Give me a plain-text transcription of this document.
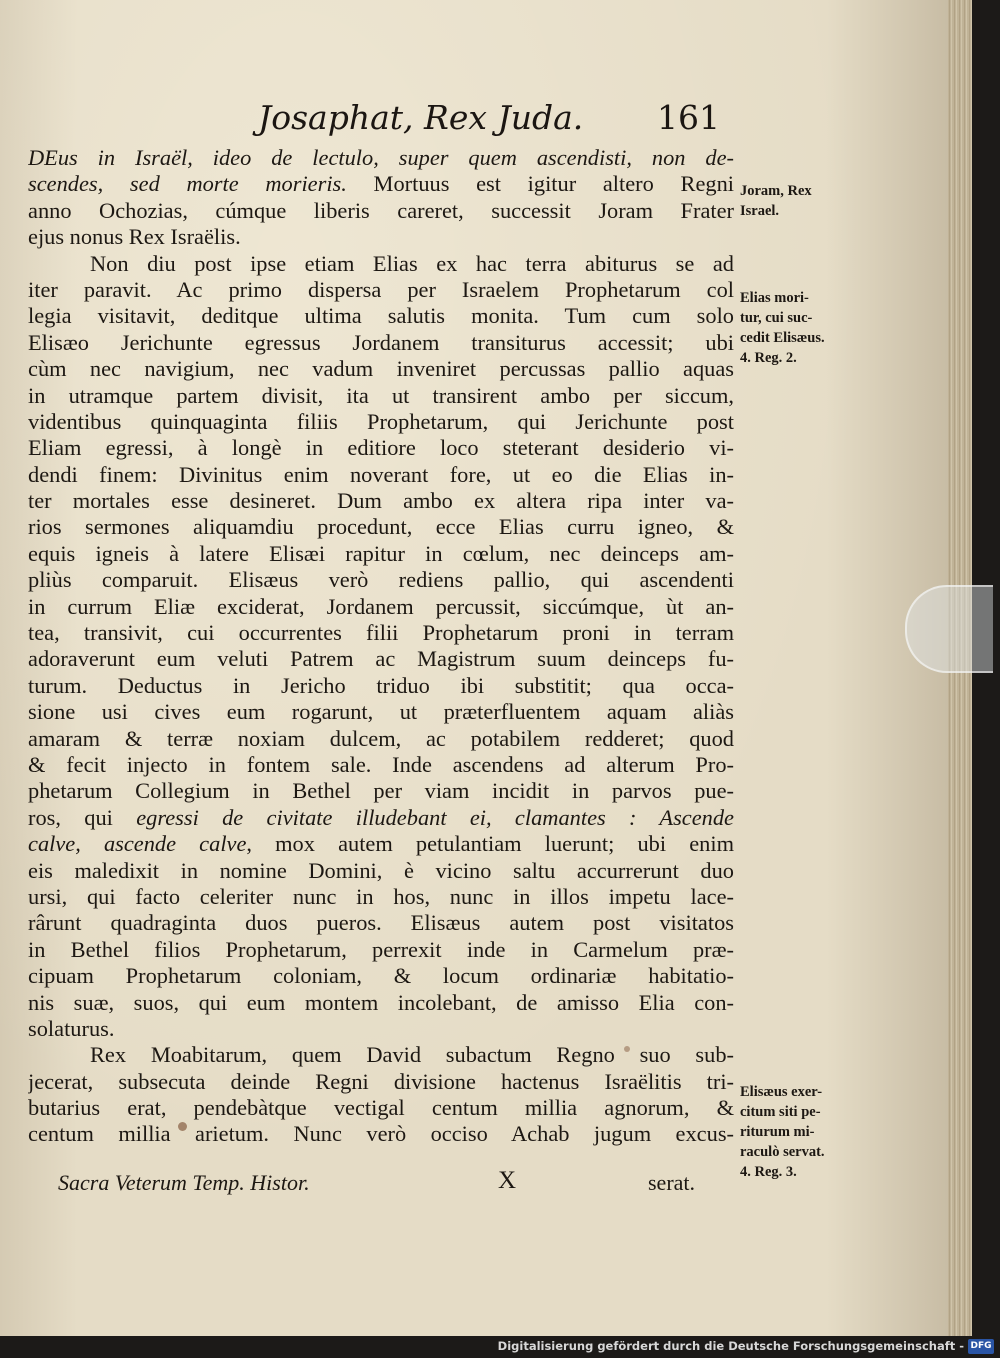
Josaphat, Rex Juda. 161
DEus in Israël, ideo de lectulo, super quem ascendisti, non de-
scendes, sed morte morieris. Mortuus est igitur altero Regni
anno Ochozias, cúmque liberis careret, successit Joram Frater
ejus nonus Rex Israëlis.
Non diu post ipse etiam Elias ex hac terra abiturus se ad
iter paravit. Ac primo dispersa per Israelem Prophetarum col
legia visitavit, deditque ultima salutis monita. Tum cum solo
Elisæo Jerichunte egressus Jordanem transiturus accessit; ubi
cùm nec navigium, nec vadum inveniret percussas pallio aquas
in utramque partem divisit, ita ut transirent ambo per siccum,
videntibus quinquaginta filiis Prophetarum, qui Jerichunte post
Eliam egressi, à longè in editiore loco steterant desiderio vi-
dendi finem: Divinitus enim noverant fore, ut eo die Elias in-
ter mortales esse desineret. Dum ambo ex altera ripa inter va-
rios sermones aliquamdiu procedunt, ecce Elias curru igneo, &
equis igneis à latere Elisæi rapitur in cœlum, nec deinceps am-
pliùs comparuit. Elisæus verò rediens pallio, qui ascendenti
in currum Eliæ exciderat, Jordanem percussit, siccúmque, ùt an-
tea, transivit, cui occurrentes filii Prophetarum proni in terram
adoraverunt eum veluti Patrem ac Magistrum suum deinceps fu-
turum. Deductus in Jericho triduo ibi substitit; qua occa-
sione usi cives eum rogarunt, ut præterfluentem aquam aliàs
amaram & terræ noxiam dulcem, ac potabilem redderet; quod
& fecit injecto in fontem sale. Inde ascendens ad alterum Pro-
phetarum Collegium in Bethel per viam incidit in parvos pue-
ros, qui egressi de civitate illudebant ei, clamantes : Ascende
calve, ascende calve, mox autem petulantiam luerunt; ubi enim
eis maledixit in nomine Domini, è vicino saltu accurrerunt duo
ursi, qui facto celeriter nunc in hos, nunc in illos impetu lace-
rârunt quadraginta duos pueros. Elisæus autem post visitatos
in Bethel filios Prophetarum, perrexit inde in Carmelum præ-
cipuam Prophetarum coloniam, & locum ordinariæ habitatio-
nis suæ, suos, qui eum montem incolebant, de amisso Elia con-
solaturus.
Rex Moabitarum, quem David subactum Regno suo sub-
jecerat, subsecuta deinde Regni divisione hactenus Israëlitis tri-
butarius erat, pendebàtque vectigal centum millia agnorum, &
centum millia arietum. Nunc verò occiso Achab jugum excus-
Joram, Rex
Israel.
Elias mori-
tur, cui suc-
cedit Elisæus.
4. Reg. 2.
Elisæus exer-
citum siti pe-
riturum mi-
raculò servat.
4. Reg. 3.
Sacra Veterum Temp. Histor.	X	serat.
Digitalisierung gefördert durch die Deutsche Forschungsgemeinschaft - DFG
